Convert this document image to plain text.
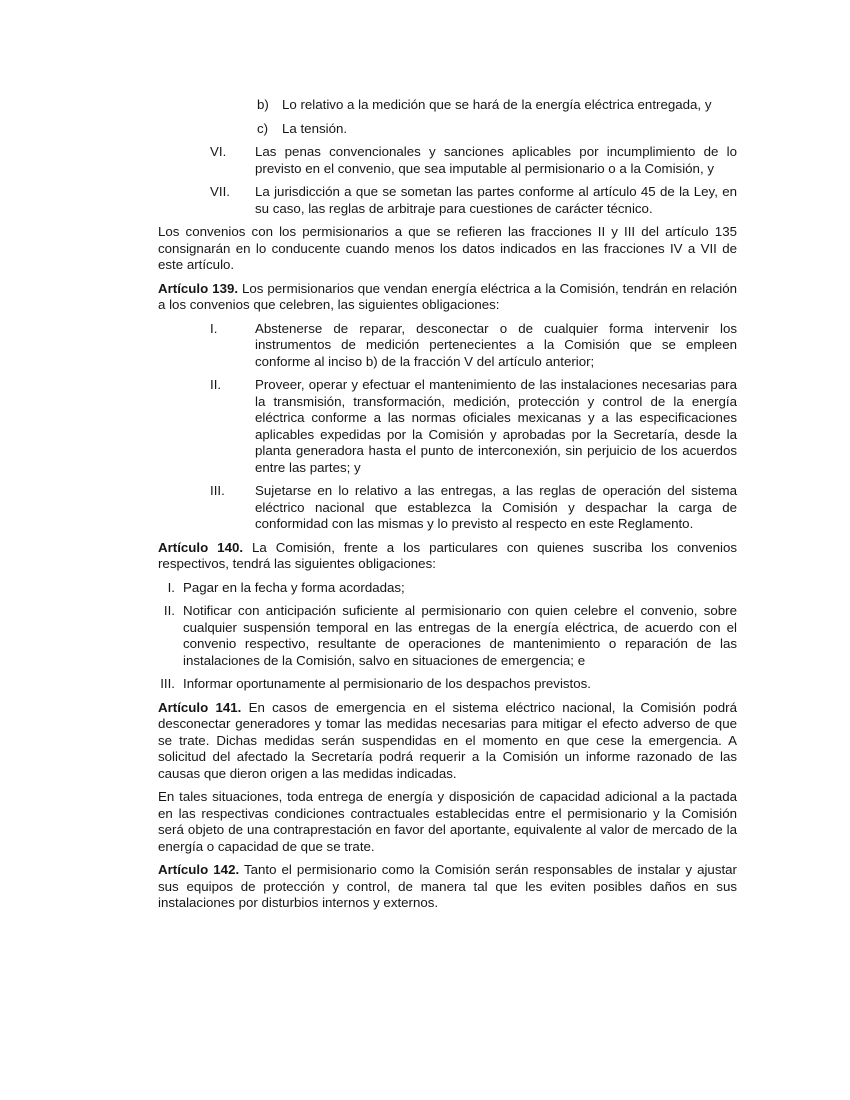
b) Lo relativo a la medición que se hará de la energía eléctrica entregada, y
c) La tensión.
VI. Las penas convencionales y sanciones aplicables por incumplimiento de lo previsto en el convenio, que sea imputable al permisionario o a la Comisión, y
VII. La jurisdicción a que se sometan las partes conforme al artículo 45 de la Ley, en su caso, las reglas de arbitraje para cuestiones de carácter técnico.
Los convenios con los permisionarios a que se refieren las fracciones II y III del artículo 135 consignarán en lo conducente cuando menos los datos indicados en las fracciones IV a VII de este artículo.
Artículo 139. Los permisionarios que vendan energía eléctrica a la Comisión, tendrán en relación a los convenios que celebren, las siguientes obligaciones:
I.	Abstenerse de reparar, desconectar o de cualquier forma intervenir los instrumentos de medición pertenecientes a la Comisión que se empleen conforme al inciso b) de la fracción V del artículo anterior;
II.	Proveer, operar y efectuar el mantenimiento de las instalaciones necesarias para la transmisión, transformación, medición, protección y control de la energía eléctrica conforme a las normas oficiales mexicanas y a las especificaciones aplicables expedidas por la Comisión y aprobadas por la Secretaría, desde la planta generadora hasta el punto de interconexión, sin perjuicio de los acuerdos entre las partes; y
III. Sujetarse en lo relativo a las entregas, a las reglas de operación del sistema eléctrico nacional que establezca la Comisión y despachar la carga de conformidad con las mismas y lo previsto al respecto en este Reglamento.
Artículo 140. La Comisión, frente a los particulares con quienes suscriba los convenios respectivos, tendrá las siguientes obligaciones:
I. Pagar en la fecha y forma acordadas;
II. Notificar con anticipación suficiente al permisionario con quien celebre el convenio, sobre cualquier suspensión temporal en las entregas de la energía eléctrica, de acuerdo con el convenio respectivo, resultante de operaciones de mantenimiento o reparación de las instalaciones de la Comisión, salvo en situaciones de emergencia; e
III. Informar oportunamente al permisionario de los despachos previstos.
Artículo 141. En casos de emergencia en el sistema eléctrico nacional, la Comisión podrá desconectar generadores y tomar las medidas necesarias para mitigar el efecto adverso de que se trate. Dichas medidas serán suspendidas en el momento en que cese la emergencia. A solicitud del afectado la Secretaría podrá requerir a la Comisión un informe razonado de las causas que dieron origen a las medidas indicadas.
En tales situaciones, toda entrega de energía y disposición de capacidad adicional a la pactada en las respectivas condiciones contractuales establecidas entre el permisionario y la Comisión será objeto de una contraprestación en favor del aportante, equivalente al valor de mercado de la energía o capacidad de que se trate.
Artículo 142. Tanto el permisionario como la Comisión serán responsables de instalar y ajustar sus equipos de protección y control, de manera tal que les eviten posibles daños en sus instalaciones por disturbios internos y externos.
